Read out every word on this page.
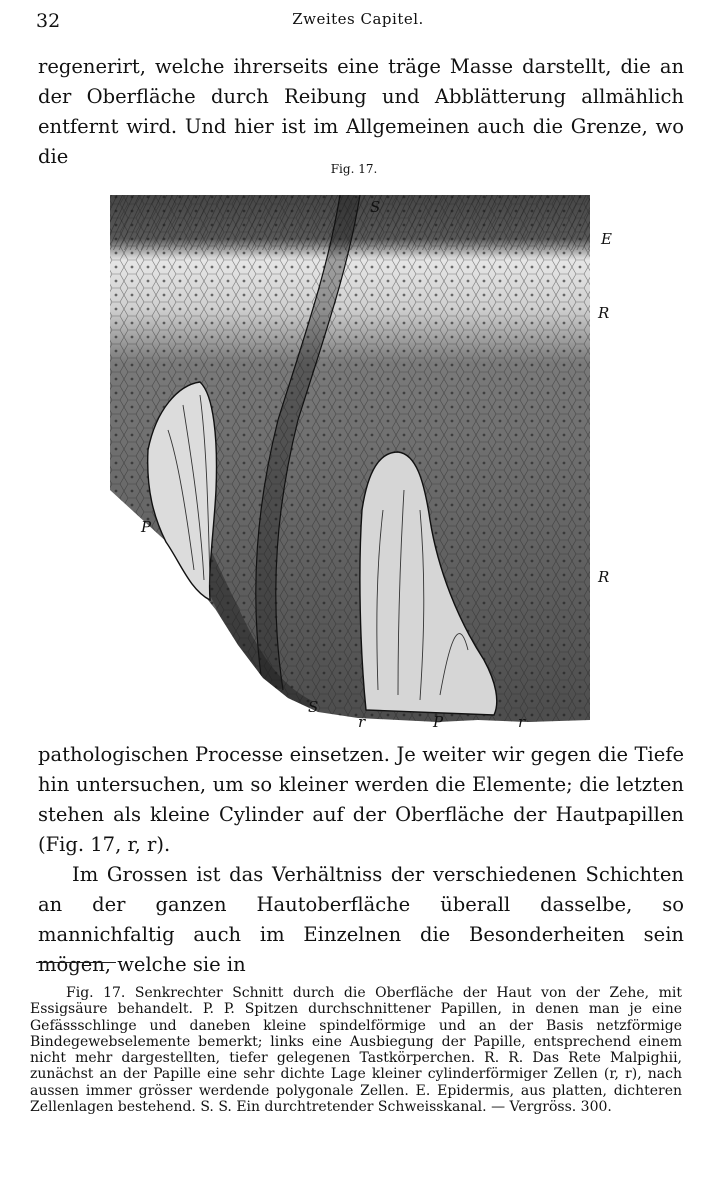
32	Zweites Capitel.
regenerirt, welche ihrerseits eine träge Masse darstellt, die an der Oberfläche durch Reibung und Abblätterung allmählich entfernt wird. Und hier ist im Allgemeinen auch die Grenze, wo die
Fig. 17.
S
E
R
P
R
S
r	P	r

pathologischen Processe einsetzen. Je weiter wir gegen die Tiefe hin untersuchen, um so kleiner werden die Elemente; die letzten stehen als kleine Cylinder auf der Oberfläche der Hautpapillen (Fig. 17, r, r).

Im Grossen ist das Verhältniss der verschiedenen Schichten an der ganzen Hautoberfläche überall dasselbe, so mannichfaltig auch im Einzelnen die Besonderheiten sein mögen, welche sie in

Fig. 17. Senkrechter Schnitt durch die Oberfläche der Haut von der Zehe, mit Essigsäure behandelt. P. P. Spitzen durchschnittener Papillen, in denen man je eine Gefässschlinge und daneben kleine spindelförmige und an der Basis netzförmige Bindegewebselemente bemerkt; links eine Ausbiegung der Papille, entsprechend einem nicht mehr dargestellten, tiefer gelegenen Tastkörperchen. R. R. Das Rete Malpighii, zunächst an der Papille eine sehr dichte Lage kleiner cylinderförmiger Zellen (r, r), nach aussen immer grösser werdende polygonale Zellen. E. Epidermis, aus platten, dichteren Zellenlagen bestehend. S. S. Ein durchtretender Schweisskanal. — Vergröss. 300.
